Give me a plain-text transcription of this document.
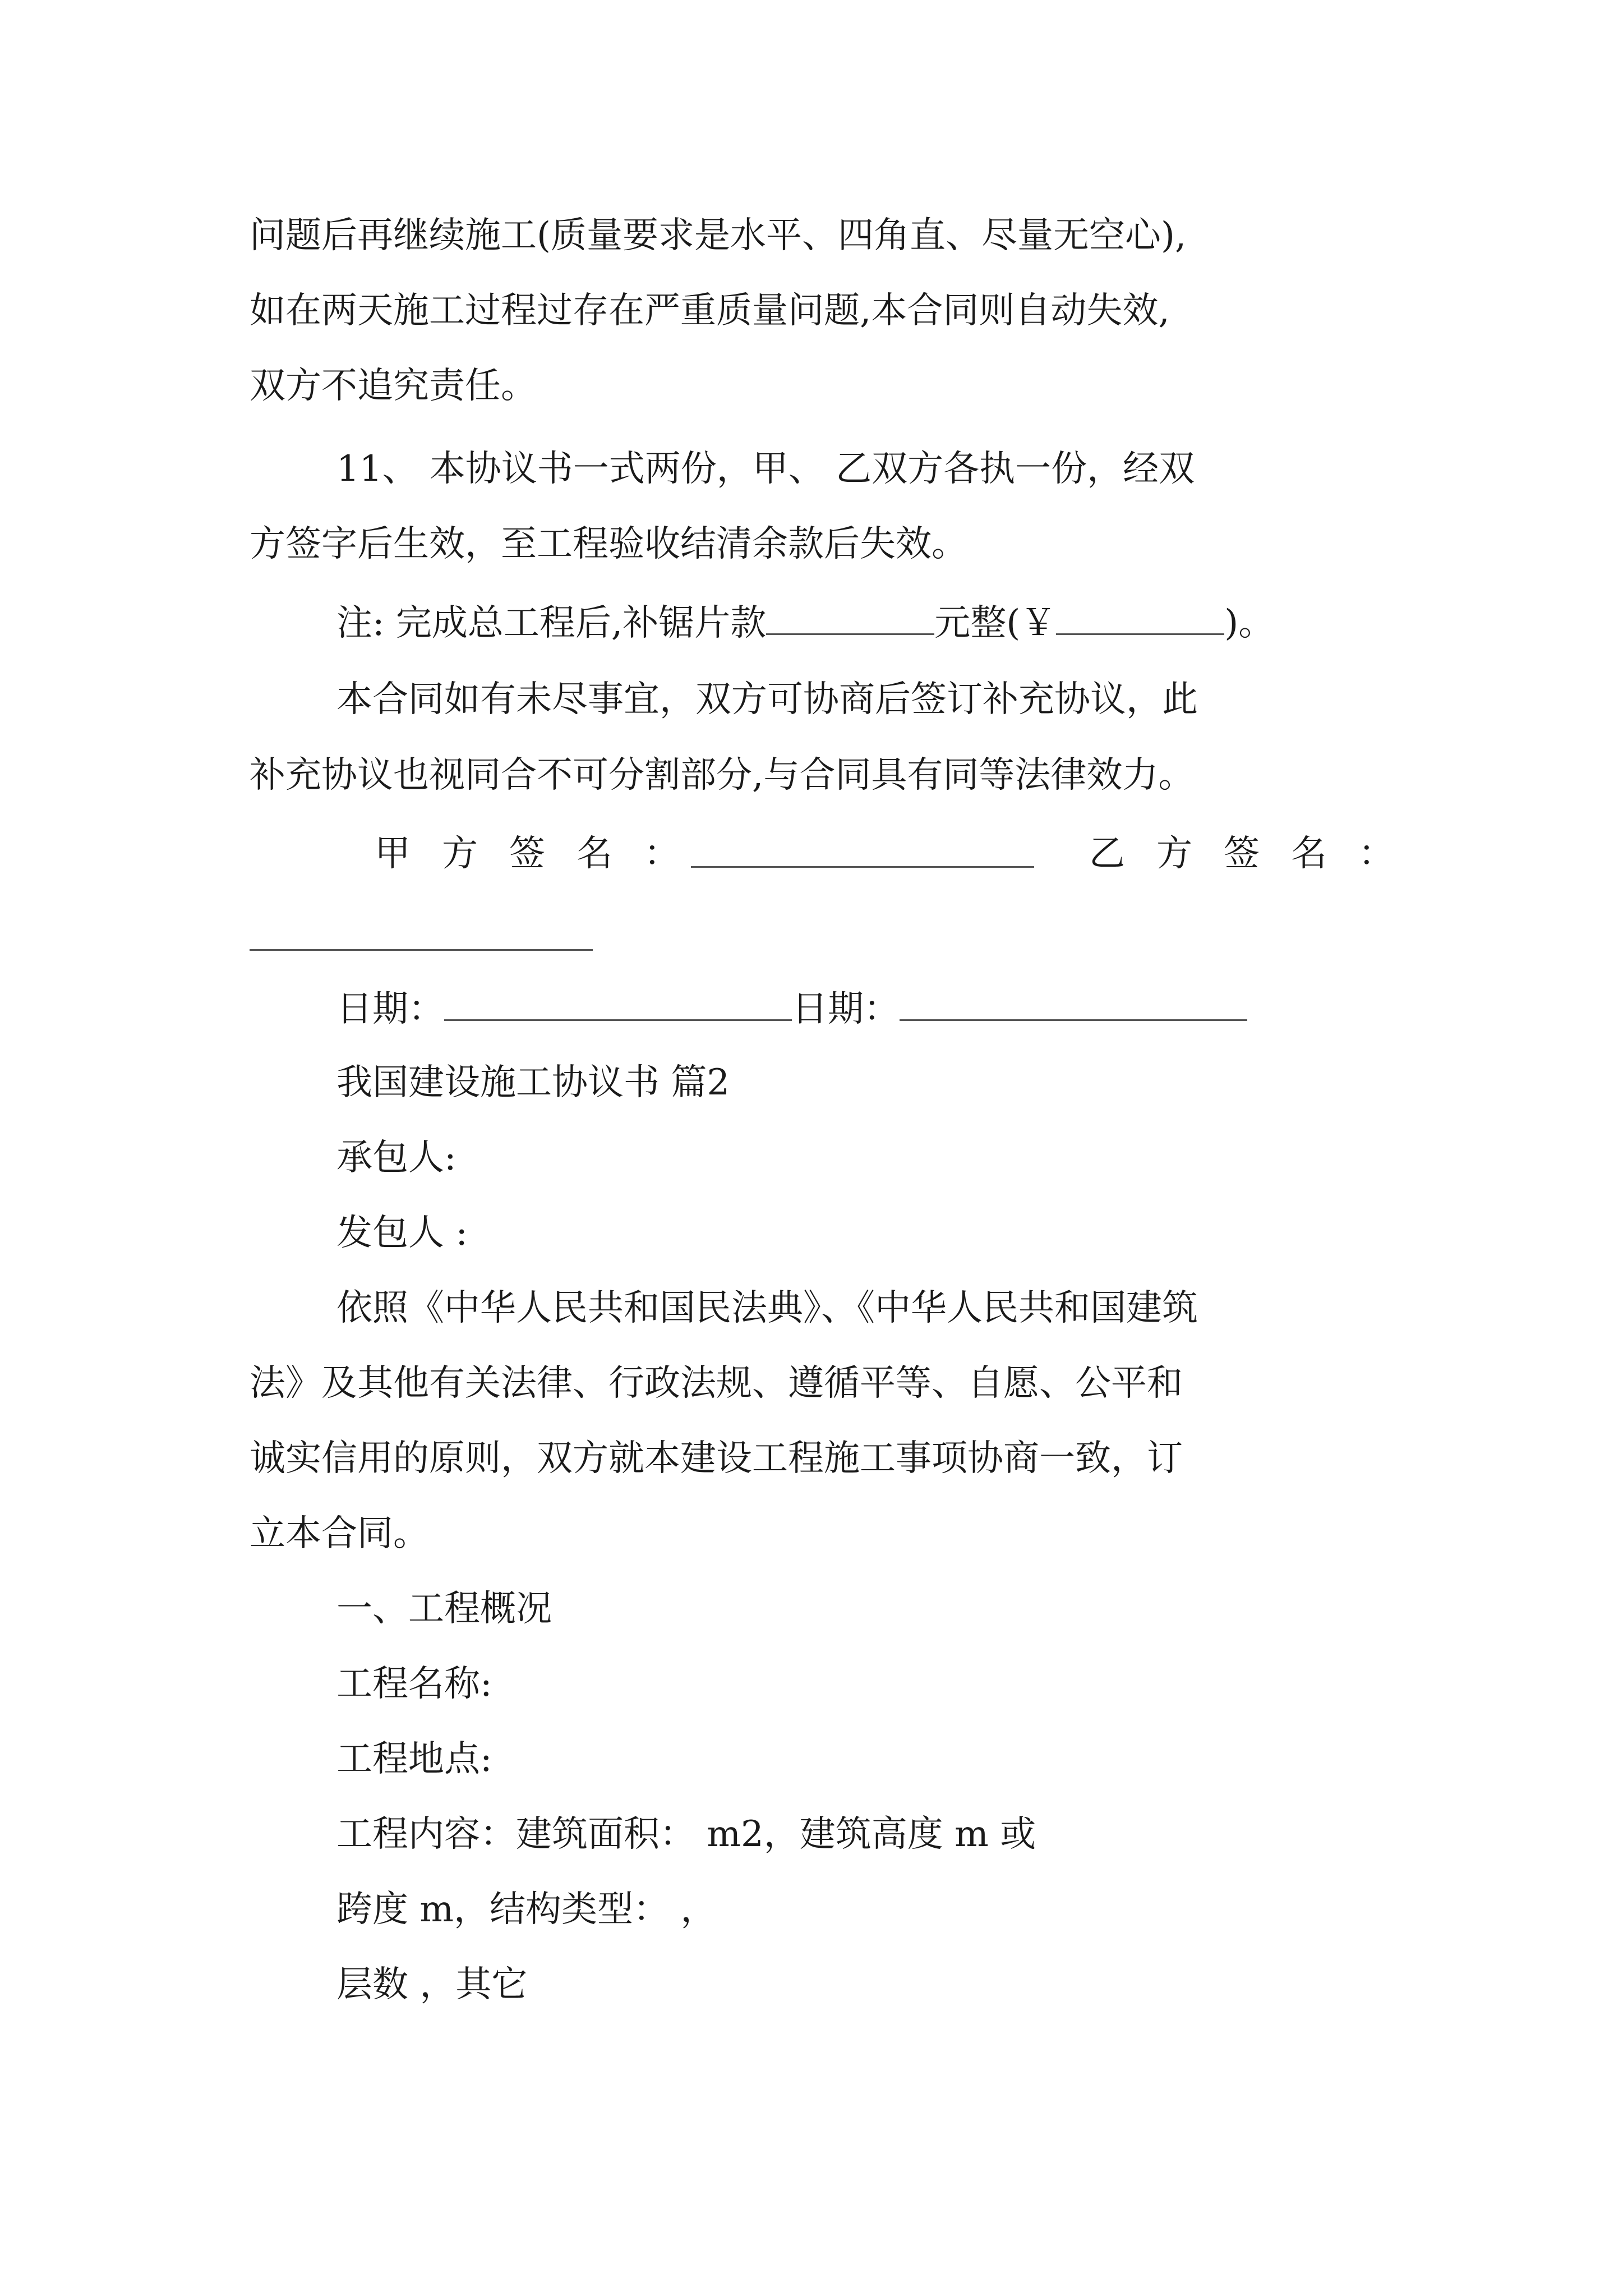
问题后再继续施工(质量要求是水平、四角直、尽量无空心),
如在两天施工过程过存在严重质量问题,本合同则自动失效,
双方不追究责任。
11、 本协议书一式两份，甲、 乙双方各执一份，经双
方签字后生效，至工程验收结清余款后失效。
注: 完成总工程后,补锯片款	元整(￥	)。
本合同如有未尽事宜，双方可协商后签订补充协议，此
补充协议也视同合不可分割部分,与合同具有同等法律效力。
甲方签名：	乙方签名：
日期：	日期：
我国建设施工协议书 篇2
承包人:
发包人 :
依照《中华人民共和国民法典》、《中华人民共和国建筑
法》及其他有关法律、行政法规、遵循平等、自愿、公平和
诚实信用的原则，双方就本建设工程施工事项协商一致，订
立本合同。
一、工程概况
工程名称:
工程地点:
工程内容：建筑面积： m2，建筑高度 m 或
跨度 m，结构类型： ，
层数 ，其它
